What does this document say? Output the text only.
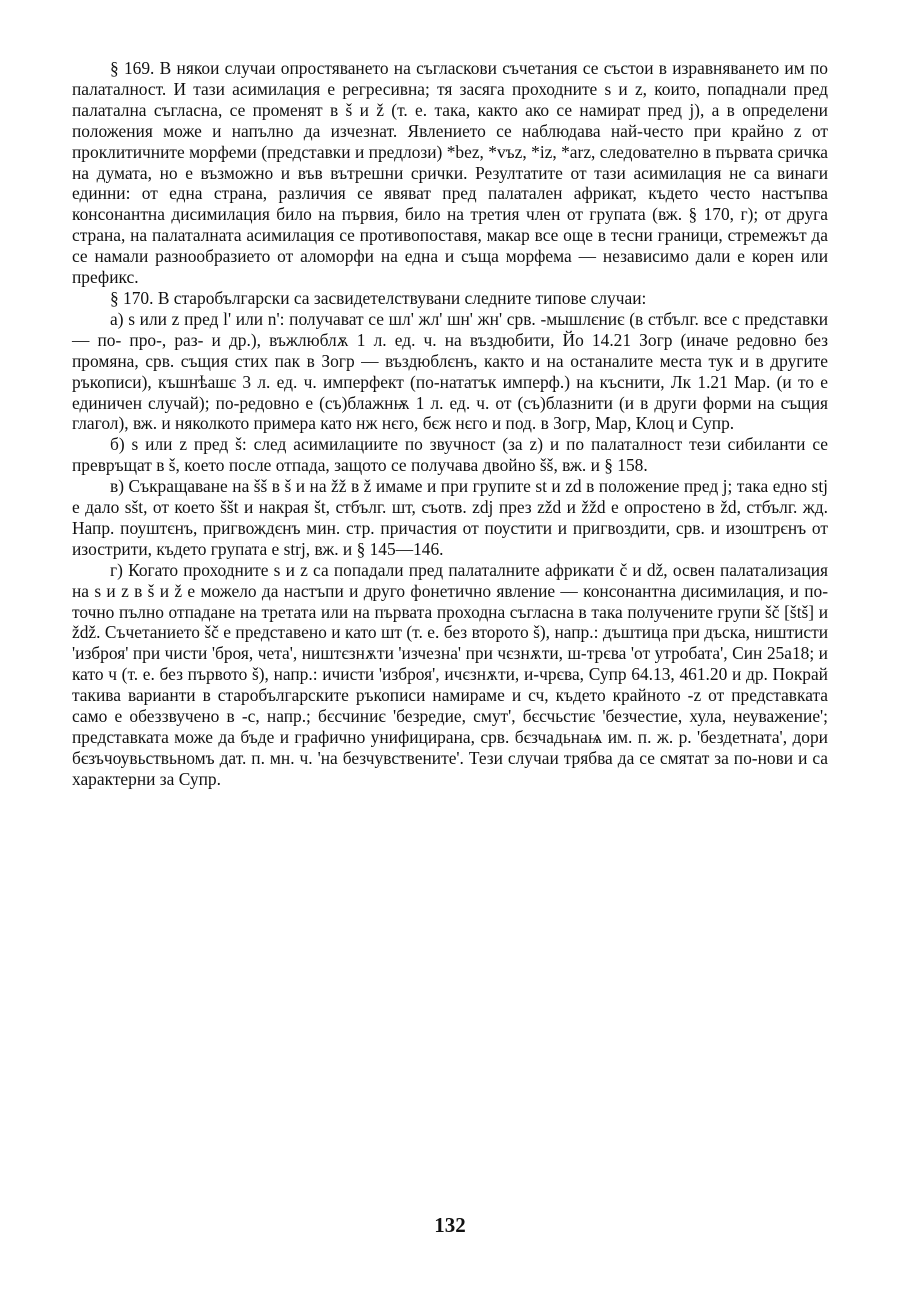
§ 169. В някои случаи опростяването на съгласкови съчетания се състои в изравняването им по палаталност. И тази асимилация е регресивна; тя засяга проходните s и z, които, попаднали пред палатална съгласна, се променят в š и ž (т. е. така, както ако се намират пред j), а в определени положения може и напълно да изчезнат. Явлението се наблюдава най-често при крайно z от проклитичните морфеми (представки и предлози) *bez, *vъz, *iz, *arz, следователно в първата сричка на думата, но е възможно и във вътрешни срички. Резултатите от тази асимилация не са винаги единни: от една страна, различия се явяват пред палатален африкат, където често настъпва консонантна дисимилация било на първия, било на третия член от групата (вж. § 170, г); от друга страна, на палаталната асимилация се противопоставя, макар все още в тесни граници, стремежът да се намали разнообразието от аломорфи на една и съща морфема — независимо дали е корен или префикс.

§ 170. В старобългарски са засвидетелствувани следните типове случаи:

а) s или z пред l' или n': получават се шл' жл' шн' жн' срв. -мышлєниє (в стбълг. все с представки — по- про-, раз- и др.), въжлюблѫ 1 л. ед. ч. на въздюбити, Йо 14.21 Зогр (иначе редовно без промяна, срв. същия стих пак в Зогр — въздюблєнъ, както и на останалите места тук и в другите ръкописи), къшнѣашє 3 л. ед. ч. имперфект (по-нататък имперф.) на къснити, Лк 1.21 Мар. (и то е единичен случай); по-редовно е (съ)блажнѭ 1 л. ед. ч. от (съ)блазнити (и в други форми на същия глагол), вж. и няколкото примера като нж нєго, бєж нєго и под. в Зогр, Мар, Клоц и Супр.

б) s или z пред š: след асимилациите по звучност (за z) и по палаталност тези сибиланти се превръщат в š, което после отпада, защото се получава двойно šš, вж. и § 158.

в) Съкращаване на šš в š и на žž в ž имаме и при групите st и zd в положение пред j; така едно stj е дало sšt, от което ššt и накрая št, стбълг. шт, съотв. zdj през zžd и žžd е опростено в žd, стбълг. жд. Напр. поуштєнъ, пригвождєнъ мин. стр. причастия от поустити и пригвоздити, срв. и изоштрєнъ от изострити, където групата е strj, вж. и § 145—146.

г) Когато проходните s и z са попадали пред палаталните африкати č и dž, освен палатализация на s и z в š и ž е можело да настъпи и друго фонетично явление — консонантна дисимилация, и по-точно пълно отпадане на третата или на първата проходна съгласна в така получените групи šč [štš] и ždž. Съчетанието šč е представено и като шт (т. е. без второто š), напр.: дъштица при дъска, ништисти 'изброя' при чисти 'броя, чета', ништєзнѫти 'изчезна' при чєзнѫти, ш-трєва 'от утробата', Син 25а18; и като ч (т. е. без първото š), напр.: ичисти 'изброя', ичєзнѫти, и-чрєва, Супр 64.13, 461.20 и др. Покрай такива варианти в старобългарските ръкописи намираме и сч, където крайното -z от представката само е обеззвучено в -с, напр.; бєсчиниє 'безредие, смут', бєсчьстиє 'безчестие, хула, неуважение'; представката може да бъде и графично унифицирана, срв. бєзчадьнаѩ им. п. ж. р. 'бездетната', дори бєзъчоувьствьномъ дат. п. мн. ч. 'на безчувствените'. Тези случаи трябва да се смятат за по-нови и са характерни за Супр.

132
